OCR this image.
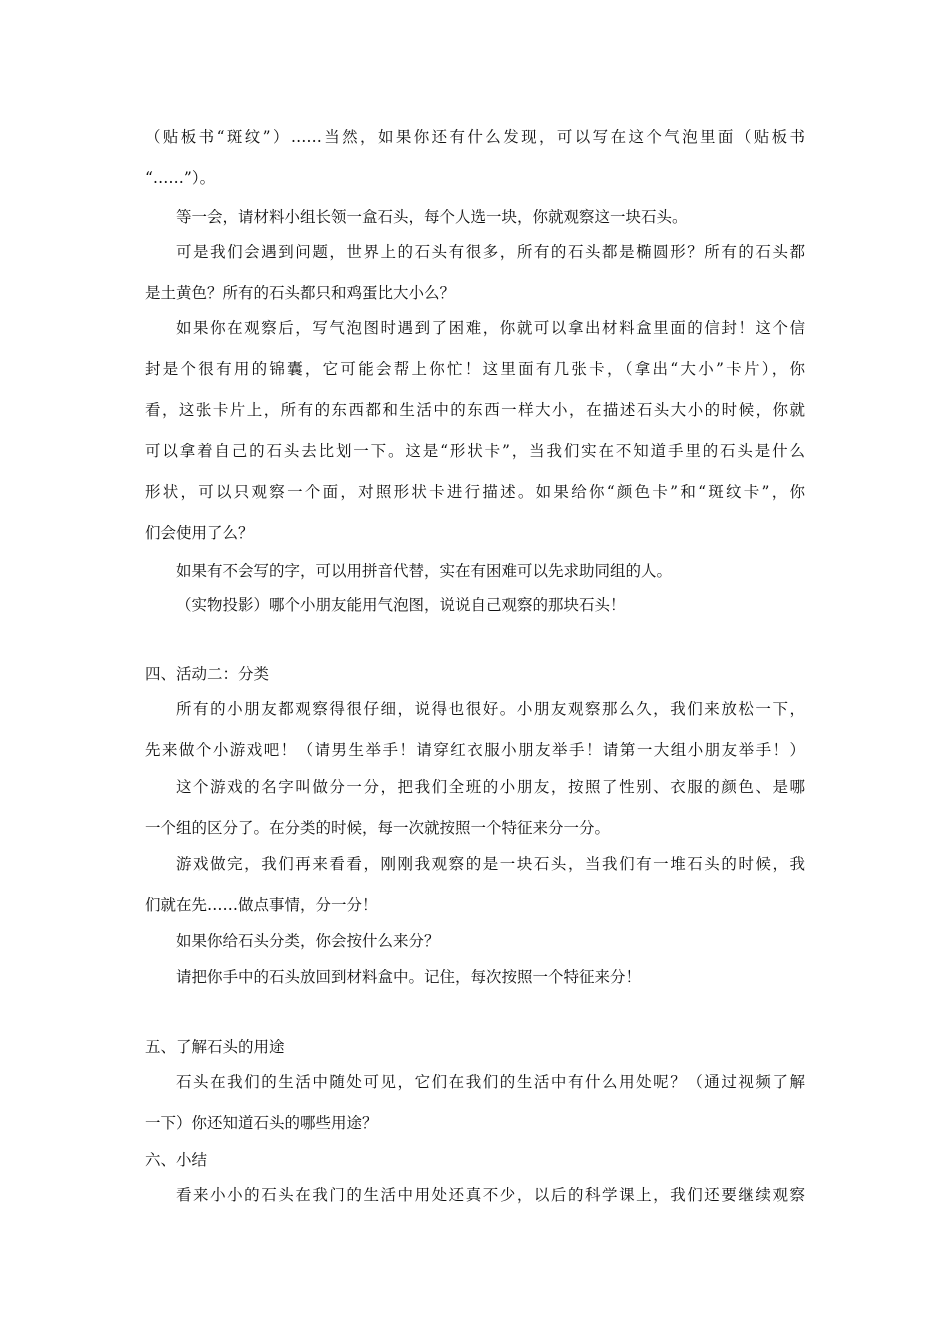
（贴板书“斑纹”）……当然，如果你还有什么发现，可以写在这个气泡里面（贴板书
“……”）。
等一会，请材料小组长领一盒石头，每个人选一块，你就观察这一块石头。
可是我们会遇到问题，世界上的石头有很多，所有的石头都是椭圆形？所有的石头都
是土黄色？所有的石头都只和鸡蛋比大小么？
如果你在观察后，写气泡图时遇到了困难，你就可以拿出材料盒里面的信封！这个信
封是个很有用的锦囊，它可能会帮上你忙！这里面有几张卡，（拿出“大小”卡片），你
看，这张卡片上，所有的东西都和生活中的东西一样大小，在描述石头大小的时候，你就
可以拿着自己的石头去比划一下。这是“形状卡”，当我们实在不知道手里的石头是什么
形状，可以只观察一个面，对照形状卡进行描述。如果给你“颜色卡”和“斑纹卡”，你
们会使用了么？
如果有不会写的字，可以用拼音代替，实在有困难可以先求助同组的人。
（实物投影）哪个小朋友能用气泡图，说说自己观察的那块石头！
四、活动二：分类
所有的小朋友都观察得很仔细，说得也很好。小朋友观察那么久，我们来放松一下，
先来做个小游戏吧！（请男生举手！请穿红衣服小朋友举手！请第一大组小朋友举手！）
这个游戏的名字叫做分一分，把我们全班的小朋友，按照了性别、衣服的颜色、是哪
一个组的区分了。在分类的时候，每一次就按照一个特征来分一分。
游戏做完，我们再来看看，刚刚我观察的是一块石头，当我们有一堆石头的时候，我
们就在先……做点事情，分一分！
如果你给石头分类，你会按什么来分？
请把你手中的石头放回到材料盒中。记住，每次按照一个特征来分！
五、了解石头的用途
石头在我们的生活中随处可见，它们在我们的生活中有什么用处呢？（通过视频了解
一下）你还知道石头的哪些用途？
六、小结
看来小小的石头在我门的生活中用处还真不少，以后的科学课上，我们还要继续观察
